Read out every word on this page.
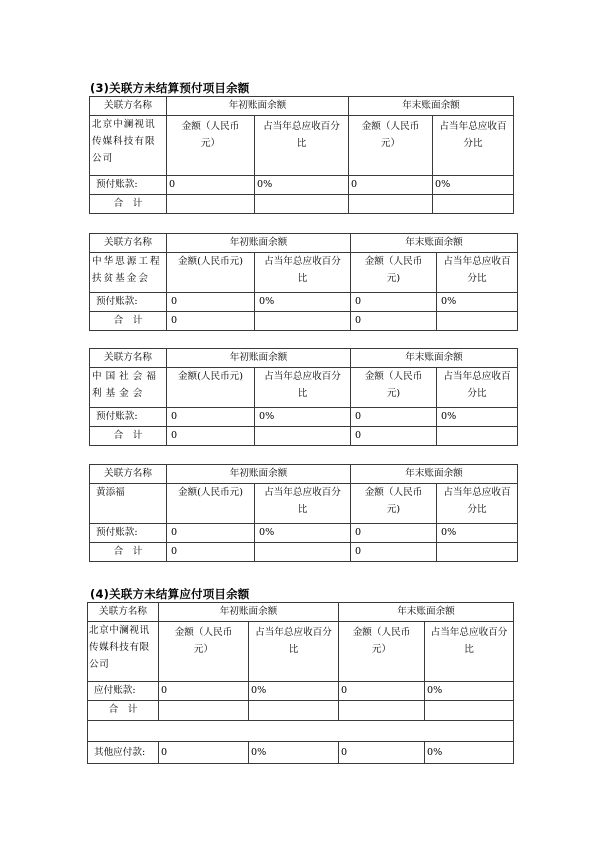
(3)关联方未结算预付项目余额
关联方名称	年初账面余额		年末账面余额	
北京中澜视讯传媒科技有限公司	金额（人民币元）	占当年总应收百分比	金额（人民币元）	占当年总应收百分比
预付账款:	0	0%	0	0%
合　计				
关联方名称	年初账面余额		年末账面余额	
中华思源工程扶贫基金会	金额(人民币元)	占当年总应收百分比	金额（人民币元)	占当年总应收百分比
预付账款:	0	0%	0	0%
合　计	0		0	
关联方名称	年初账面余额		年末账面余额	
中国社会福利基金会	金额(人民币元)	占当年总应收百分比	金额（人民币元)	占当年总应收百分比
预付账款:	0	0%	0	0%
合　计	0		0	
关联方名称	年初账面余额		年末账面余额	
黄添福	金额(人民币元)	占当年总应收百分比	金额（人民币元)	占当年总应收百分比
预付账款:	0	0%	0	0%
合　计	0		0	
(4)关联方未结算应付项目余额
关联方名称	年初账面余额		年末账面余额	
北京中澜视讯传媒科技有限公司	金额（人民币元）	占当年总应收百分比	金额（人民币元）	占当年总应收百分比
应付账款:	0	0%	0	0%
合　计				

其他应付款:	0	0%	0	0%
